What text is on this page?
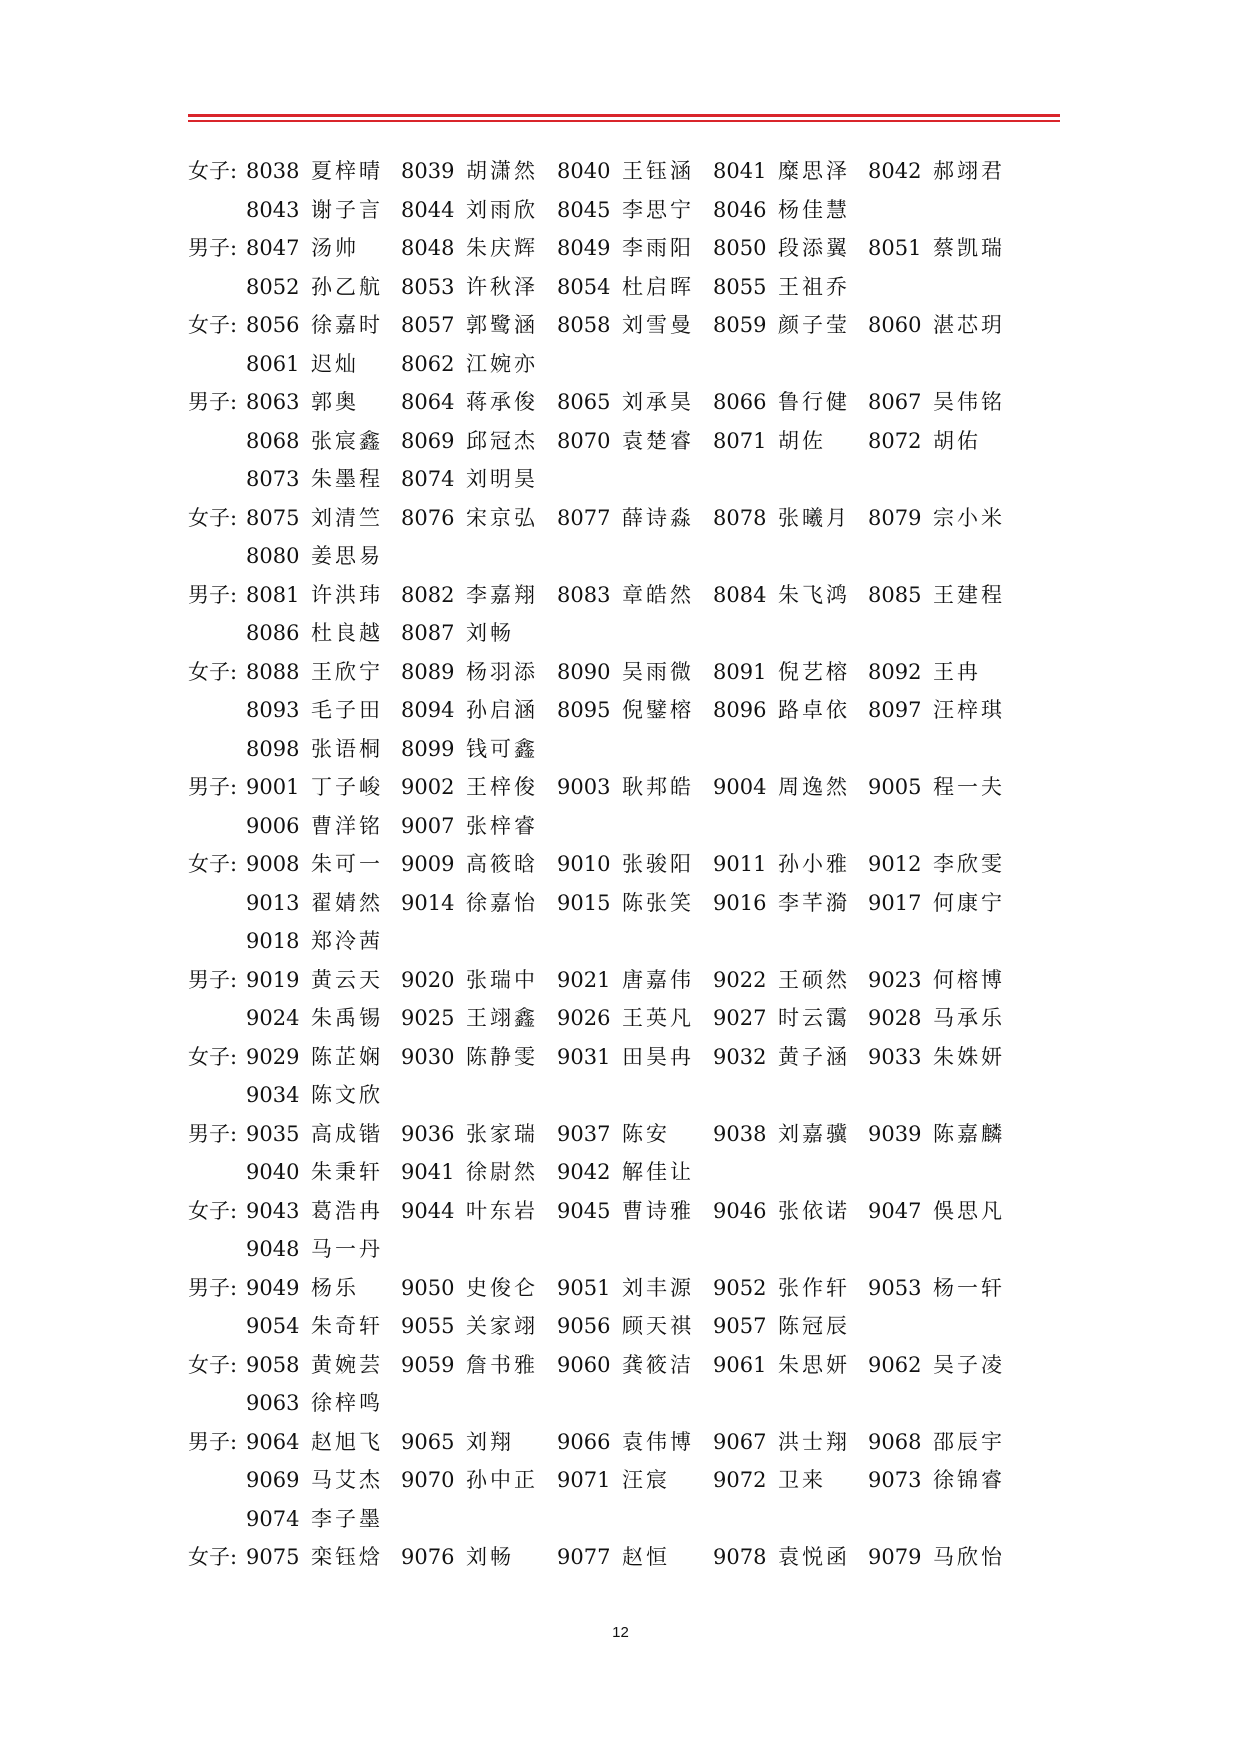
女子: 8038 夏梓晴 8039 胡潇然 8040 王钰涵 8041 糜思泽 8042 郝翊君
8043 谢子言 8044 刘雨欣 8045 李思宁 8046 杨佳慧
男子: 8047 汤帅 8048 朱庆辉 8049 李雨阳 8050 段添翼 8051 蔡凯瑞
8052 孙乙航 8053 许秋泽 8054 杜启晖 8055 王祖乔
女子: 8056 徐嘉时 8057 郭鹭涵 8058 刘雪曼 8059 颜子莹 8060 湛芯玥
8061 迟灿 8062 江婉亦
男子: 8063 郭奥 8064 蒋承俊 8065 刘承昊 8066 鲁行健 8067 吴伟铭
8068 张宸鑫 8069 邱冠杰 8070 袁楚睿 8071 胡佐 8072 胡佑
8073 朱墨程 8074 刘明昊
女子: 8075 刘清竺 8076 宋京弘 8077 薛诗淼 8078 张曦月 8079 宗小米
8080 姜思易
男子: 8081 许洪玮 8082 李嘉翔 8083 章皓然 8084 朱飞鸿 8085 王建程
8086 杜良越 8087 刘畅
女子: 8088 王欣宁 8089 杨羽添 8090 吴雨微 8091 倪艺榕 8092 王冉
8093 毛子田 8094 孙启涵 8095 倪鐾榕 8096 路卓依 8097 汪梓琪
8098 张语桐 8099 钱可鑫
男子: 9001 丁子峻 9002 王梓俊 9003 耿邦皓 9004 周逸然 9005 程一夫
9006 曹洋铭 9007 张梓睿
女子: 9008 朱可一 9009 高筱晗 9010 张骏阳 9011 孙小雅 9012 李欣雯
9013 翟婧然 9014 徐嘉怡 9015 陈张笑 9016 李芊漪 9017 何康宁
9018 郑泠茜
男子: 9019 黄云天 9020 张瑞中 9021 唐嘉伟 9022 王硕然 9023 何榕博
9024 朱禹锡 9025 王翊鑫 9026 王英凡 9027 时云霭 9028 马承乐
女子: 9029 陈芷娴 9030 陈静雯 9031 田昊冉 9032 黄子涵 9033 朱姝妍
9034 陈文欣
男子: 9035 高成锴 9036 张家瑞 9037 陈安 9038 刘嘉骥 9039 陈嘉麟
9040 朱秉轩 9041 徐尉然 9042 解佳让
女子: 9043 葛浩冉 9044 叶东岩 9045 曹诗雅 9046 张依诺 9047 俁思凡
9048 马一丹
男子: 9049 杨乐 9050 史俊仑 9051 刘丰源 9052 张作轩 9053 杨一轩
9054 朱奇轩 9055 关家翊 9056 顾天祺 9057 陈冠辰
女子: 9058 黄婉芸 9059 詹书雅 9060 龚筱洁 9061 朱思妍 9062 吴子凌
9063 徐梓鸣
男子: 9064 赵旭飞 9065 刘翔 9066 袁伟博 9067 洪士翔 9068 邵辰宇
9069 马艾杰 9070 孙中正 9071 汪宸 9072 卫来 9073 徐锦睿
9074 李子墨
女子: 9075 栾钰焓 9076 刘畅 9077 赵恒 9078 袁悦函 9079 马欣怡
12
